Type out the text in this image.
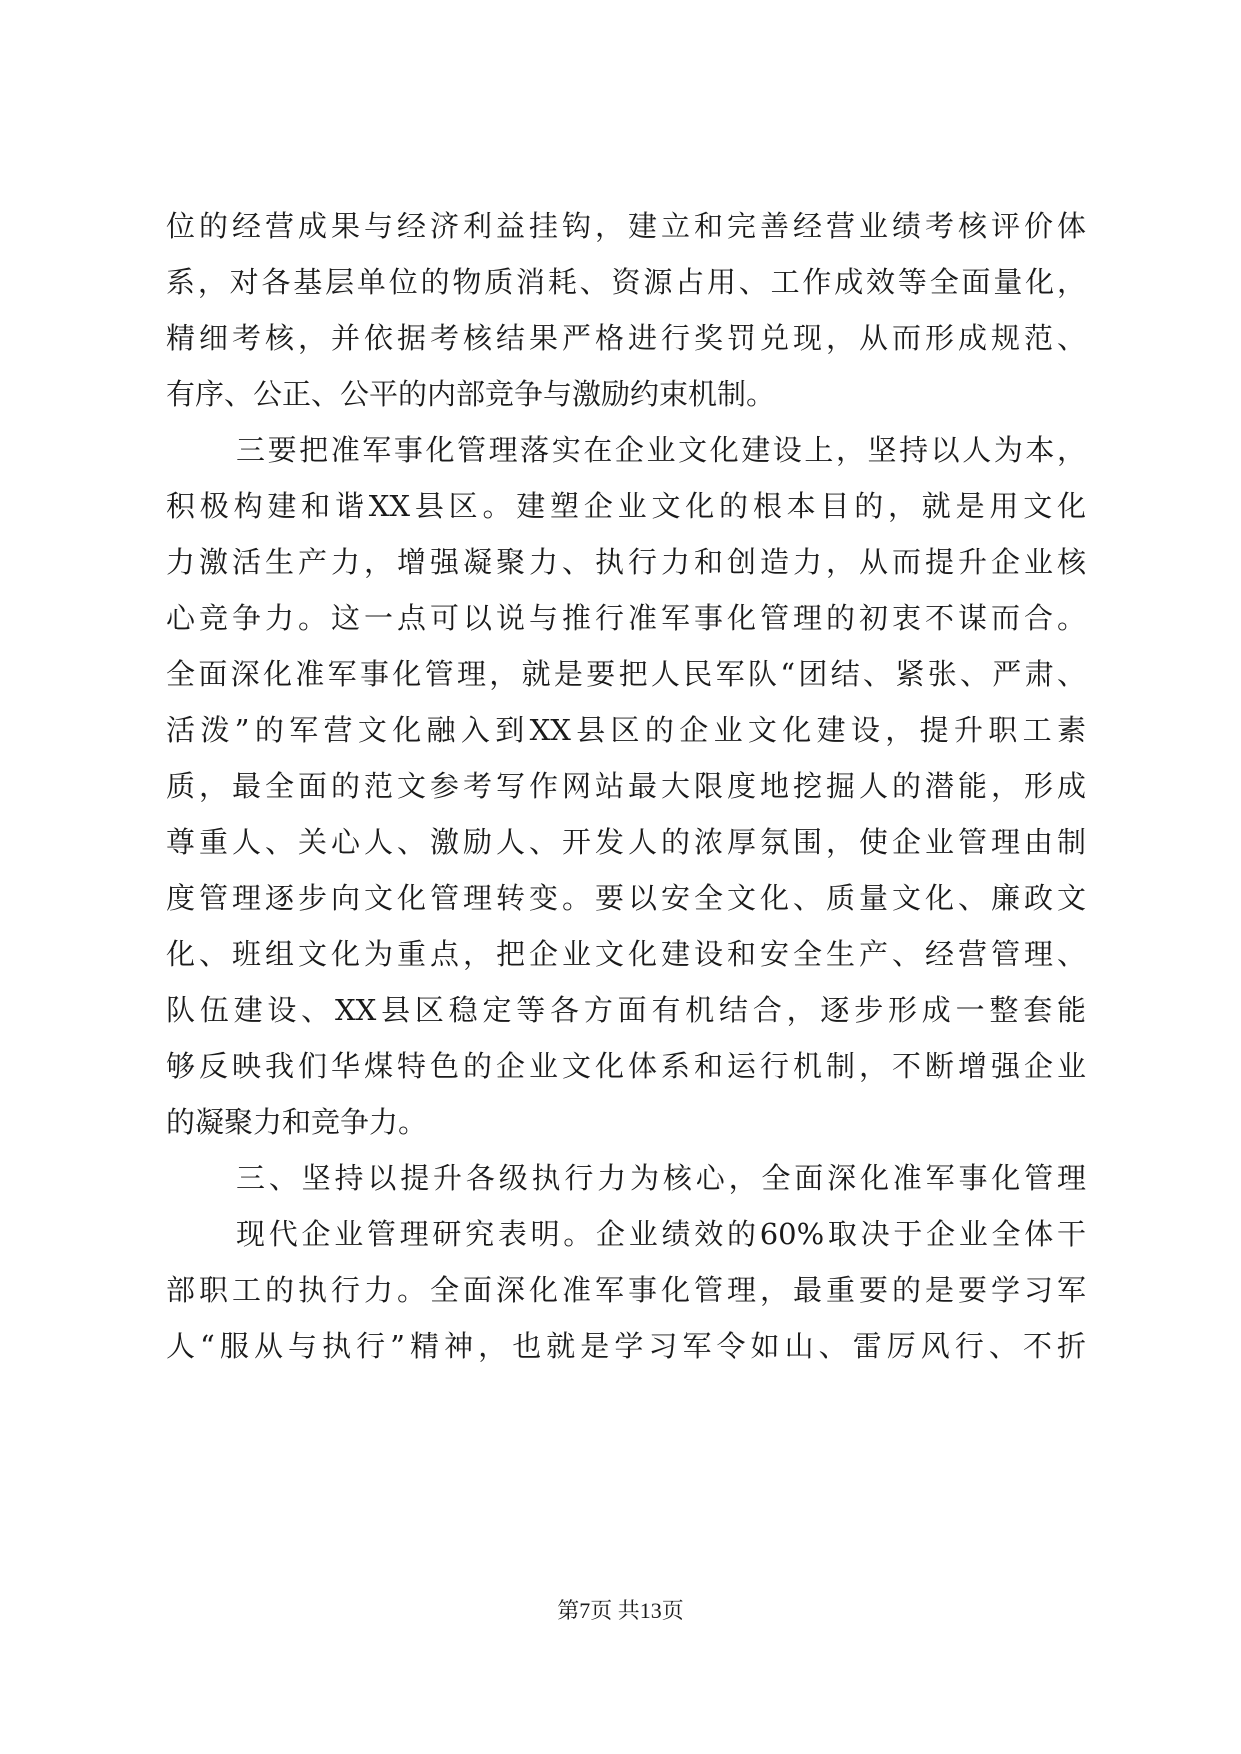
位的经营成果与经济利益挂钩，建立和完善经营业绩考核评价体
系，对各基层单位的物质消耗、资源占用、工作成效等全面量化，
精细考核，并依据考核结果严格进行奖罚兑现，从而形成规范、
有序、公正、公平的内部竞争与激励约束机制。
三要把准军事化管理落实在企业文化建设上，坚持以人为本，
积极构建和谐XX县区。建塑企业文化的根本目的，就是用文化
力激活生产力，增强凝聚力、执行力和创造力，从而提升企业核
心竞争力。这一点可以说与推行准军事化管理的初衷不谋而合。
全面深化准军事化管理，就是要把人民军队“团结、紧张、严肃、
活泼”的军营文化融入到XX县区的企业文化建设，提升职工素
质，最全面的范文参考写作网站最大限度地挖掘人的潜能，形成
尊重人、关心人、激励人、开发人的浓厚氛围，使企业管理由制
度管理逐步向文化管理转变。要以安全文化、质量文化、廉政文
化、班组文化为重点，把企业文化建设和安全生产、经营管理、
队伍建设、XX县区稳定等各方面有机结合，逐步形成一整套能
够反映我们华煤特色的企业文化体系和运行机制，不断增强企业
的凝聚力和竞争力。
三、坚持以提升各级执行力为核心，全面深化准军事化管理
现代企业管理研究表明。企业绩效的60%取决于企业全体干
部职工的执行力。全面深化准军事化管理，最重要的是要学习军
人“服从与执行”精神，也就是学习军令如山、雷厉风行、不折
第7页 共13页
